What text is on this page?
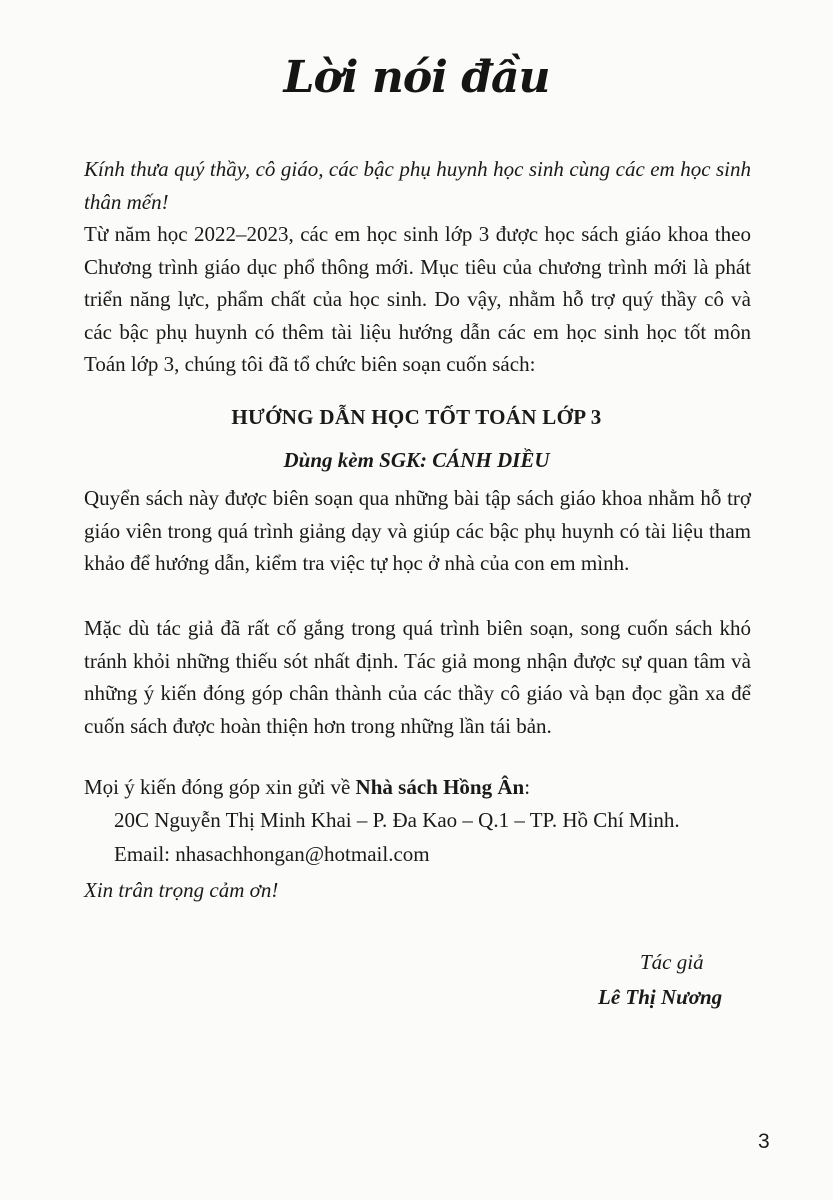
Lời nói đầu

Kính thưa quý thầy, cô giáo, các bậc phụ huynh học sinh cùng các em học sinh thân mến!

Từ năm học 2022–2023, các em học sinh lớp 3 được học sách giáo khoa theo Chương trình giáo dục phổ thông mới. Mục tiêu của chương trình mới là phát triển năng lực, phẩm chất của học sinh. Do vậy, nhằm hỗ trợ quý thầy cô và các bậc phụ huynh có thêm tài liệu hướng dẫn các em học sinh học tốt môn Toán lớp 3, chúng tôi đã tổ chức biên soạn cuốn sách:

HƯỚNG DẪN HỌC TỐT TOÁN LỚP 3
Dùng kèm SGK: CÁNH DIỀU

Quyển sách này được biên soạn qua những bài tập sách giáo khoa nhằm hỗ trợ giáo viên trong quá trình giảng dạy và giúp các bậc phụ huynh có tài liệu tham khảo để hướng dẫn, kiểm tra việc tự học ở nhà của con em mình.

Mặc dù tác giả đã rất cố gắng trong quá trình biên soạn, song cuốn sách khó tránh khỏi những thiếu sót nhất định. Tác giả mong nhận được sự quan tâm và những ý kiến đóng góp chân thành của các thầy cô giáo và bạn đọc gần xa để cuốn sách được hoàn thiện hơn trong những lần tái bản.

Mọi ý kiến đóng góp xin gửi về Nhà sách Hồng Ân:
20C Nguyễn Thị Minh Khai – P. Đa Kao – Q.1 – TP. Hồ Chí Minh.
Email: nhasachhongan@hotmail.com
Xin trân trọng cảm ơn!
Tác giả
Lê Thị Nương
3
